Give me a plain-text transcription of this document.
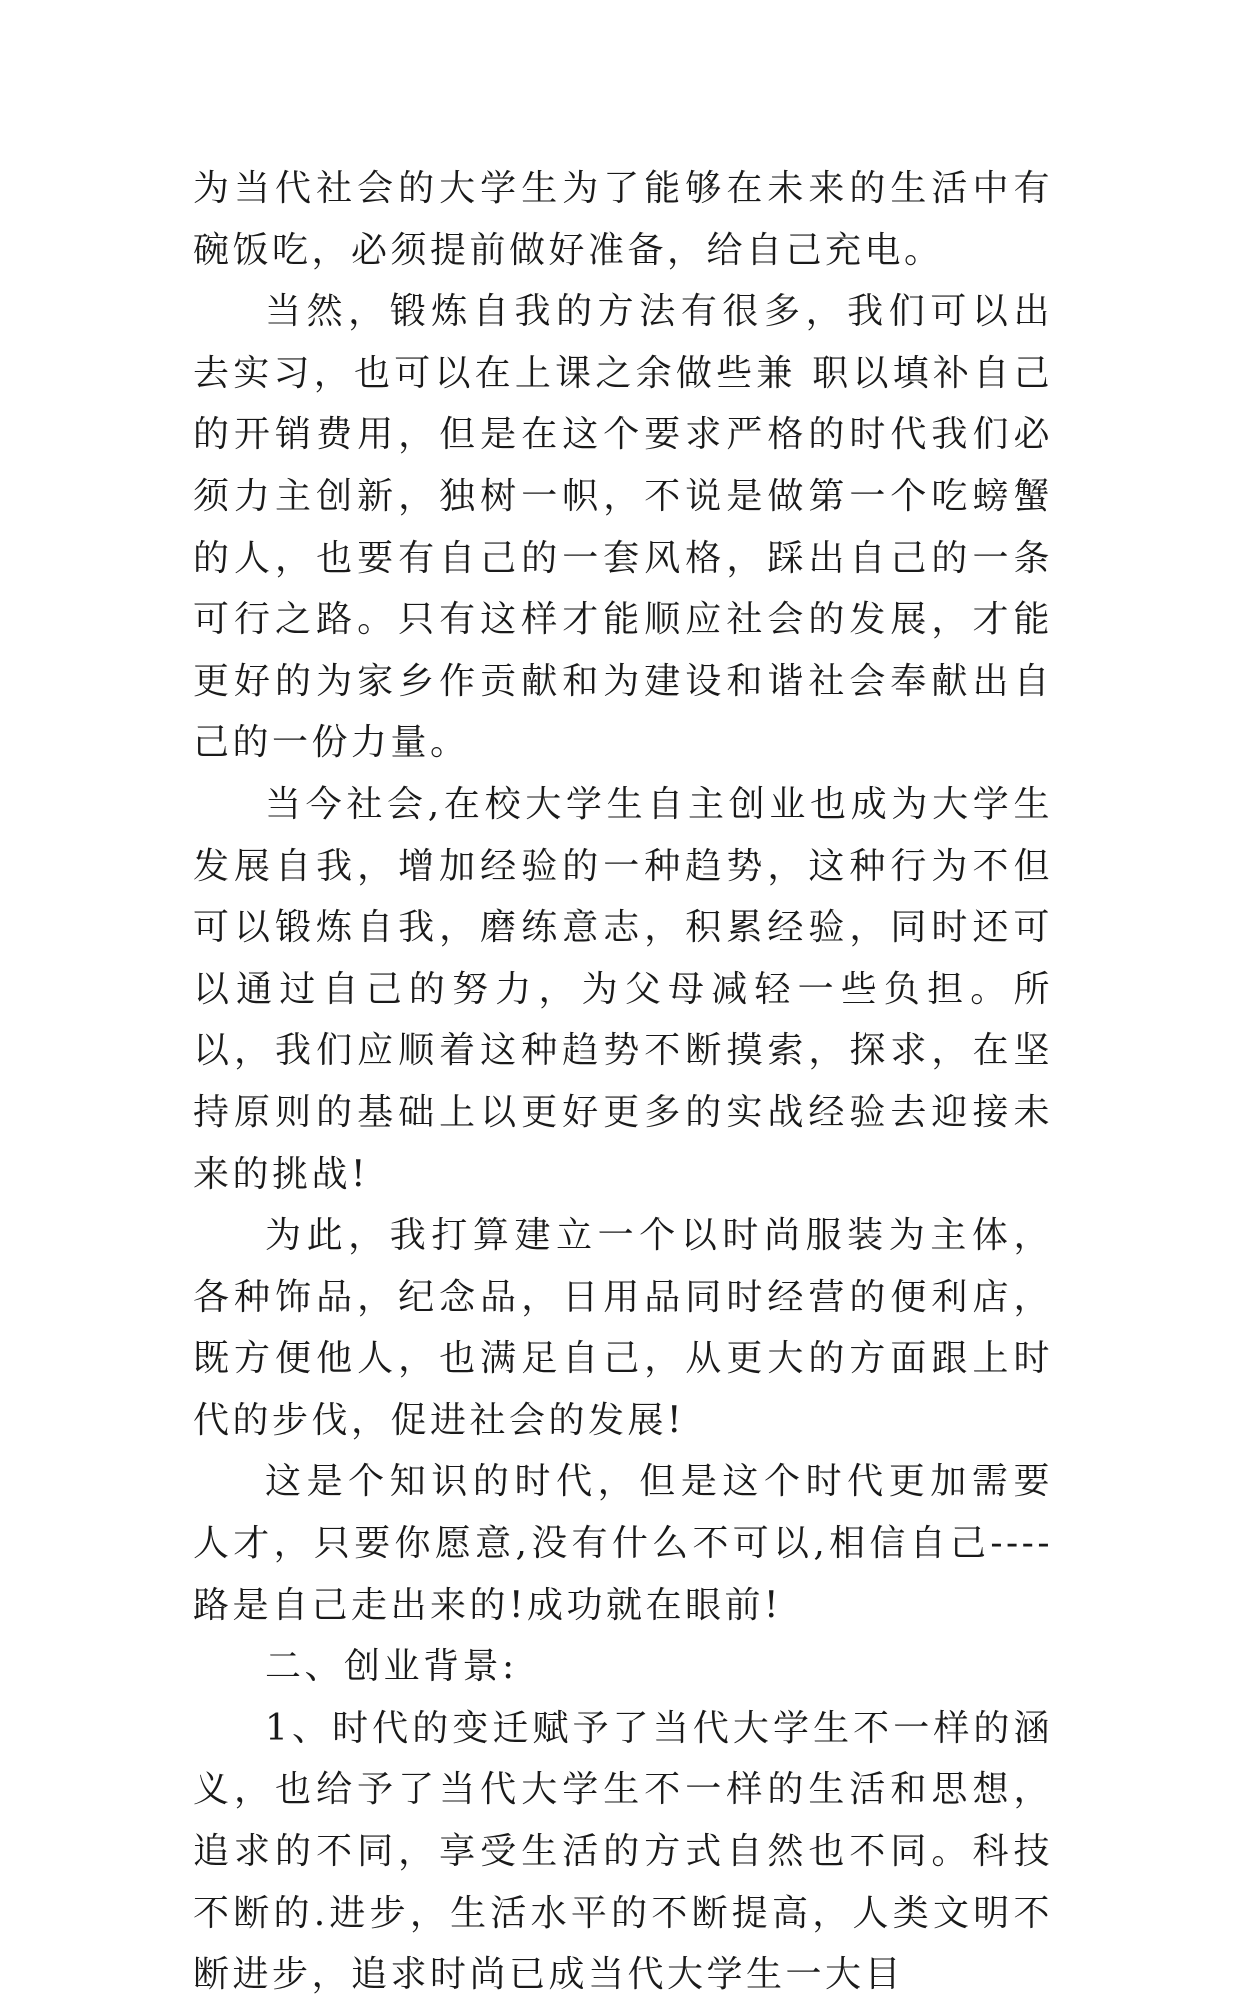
为当代社会的大学生为了能够在未来的生活中有碗饭吃，必须提前做好准备，给自己充电。

当然，锻炼自我的方法有很多，我们可以出去实习，也可以在上课之余做些兼 职以填补自己的开销费用，但是在这个要求严格的时代我们必须力主创新，独树一帜，不说是做第一个吃螃蟹的人，也要有自己的一套风格，踩出自己的一条可行之路。只有这样才能顺应社会的发展，才能更好的为家乡作贡献和为建设和谐社会奉献出自己的一份力量。

当今社会,在校大学生自主创业也成为大学生发展自我，增加经验的一种趋势，这种行为不但可以锻炼自我，磨练意志，积累经验，同时还可以通过自己的努力，为父母减轻一些负担。所以，我们应顺着这种趋势不断摸索，探求，在坚持原则的基础上以更好更多的实战经验去迎接未来的挑战!

为此，我打算建立一个以时尚服装为主体，各种饰品，纪念品，日用品同时经营的便利店，既方便他人，也满足自己，从更大的方面跟上时代的步伐，促进社会的发展!

这是个知识的时代，但是这个时代更加需要人才，只要你愿意,没有什么不可以,相信自己----路是自己走出来的!成功就在眼前!

二、创业背景:

1、时代的变迁赋予了当代大学生不一样的涵义，也给予了当代大学生不一样的生活和思想，追求的不同，享受生活的方式自然也不同。科技不断的.进步，生活水平的不断提高，人类文明不断进步，追求时尚已成当代大学生一大目
